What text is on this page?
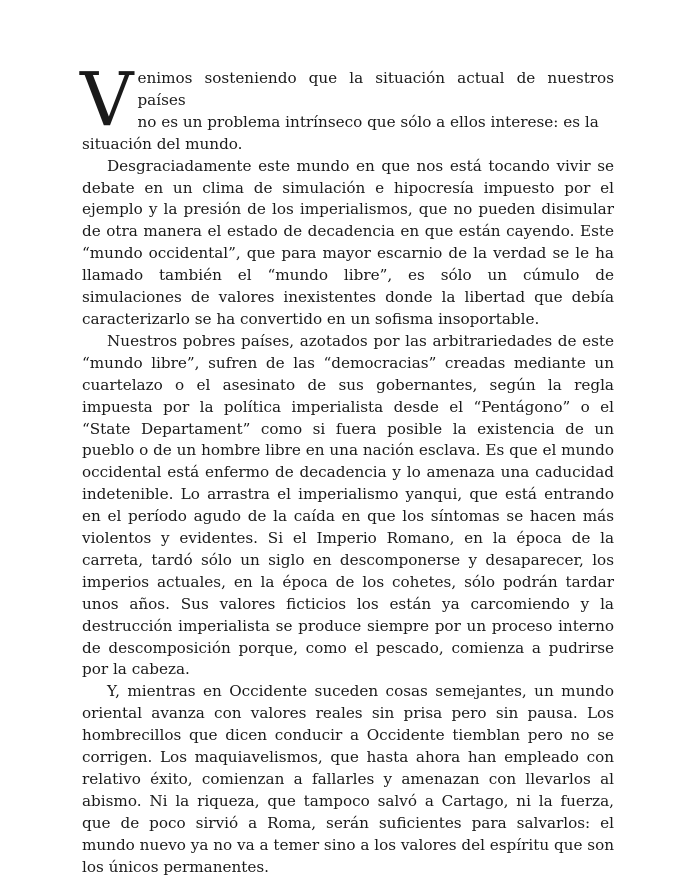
V enimos sosteniendo que la situación actual de nuestros países
no es un problema intrínseco que sólo a ellos interese: es la
situación del mundo.

Desgraciadamente este mundo en que nos está tocando vivir se debate en un clima de simulación e hipocresía impuesto por el ejemplo y la presión de los imperialismos, que no pueden disimular de otra manera el estado de decadencia en que están cayendo. Este “mundo occidental”, que para mayor escarnio de la verdad se le ha llamado también el “mundo libre”, es sólo un cúmulo de simulaciones de valores inexistentes donde la libertad que debía caracterizarlo se ha convertido en un sofisma insoportable.

Nuestros pobres países, azotados por las arbitrariedades de este “mundo libre”, sufren de las “democracias” creadas mediante un cuartelazo o el asesinato de sus gobernantes, según la regla impuesta por la política imperialista desde el “Pentágono” o el “State Departament” como si fuera posible la existencia de un pueblo o de un hombre libre en una nación esclava. Es que el mundo occidental está enfermo de decadencia y lo amenaza una caducidad indetenible. Lo arrastra el imperialismo yanqui, que está entrando en el período agudo de la caída en que los síntomas se hacen más violentos y evidentes. Si el Imperio Romano, en la época de la carreta, tardó sólo un siglo en descomponerse y desaparecer, los imperios actuales, en la época de los cohetes, sólo podrán tardar unos años. Sus valores ficticios los están ya carcomiendo y la destrucción imperialista se produce siempre por un proceso interno de descomposición porque, como el pescado, comienza a pudrirse por la cabeza.

Y, mientras en Occidente suceden cosas semejantes, un mundo oriental avanza con valores reales sin prisa pero sin pausa. Los hombrecillos que dicen conducir a Occidente tiemblan pero no se corrigen. Los maquiavelismos, que hasta ahora han empleado con relativo éxito, comienzan a fallarles y amenazan con llevarlos al abismo. Ni la riqueza, que tampoco salvó a Cartago, ni la fuerza, que de poco sirvió a Roma, serán suficientes para salvarlos: el mundo nuevo ya no va a temer sino a los valores del espíritu que son los únicos permanentes.
